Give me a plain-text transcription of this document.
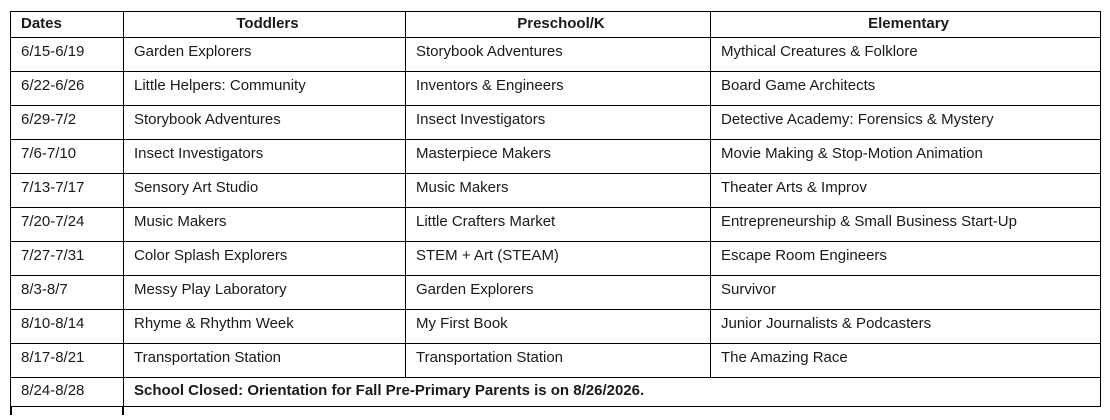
Dates	Toddlers	Preschool/K	Elementary
6/15-6/19	Garden Explorers	Storybook Adventures	Mythical Creatures & Folklore
6/22-6/26	Little Helpers: Community	Inventors & Engineers	Board Game Architects
6/29-7/2	Storybook Adventures	Insect Investigators	Detective Academy: Forensics & Mystery
7/6-7/10	Insect Investigators	Masterpiece Makers	Movie Making & Stop-Motion Animation
7/13-7/17	Sensory Art Studio	Music Makers	Theater Arts & Improv
7/20-7/24	Music Makers	Little Crafters Market	Entrepreneurship & Small Business Start-Up
7/27-7/31	Color Splash Explorers	STEM + Art (STEAM)	Escape Room Engineers
8/3-8/7	Messy Play Laboratory	Garden Explorers	Survivor
8/10-8/14	Rhyme & Rhythm Week	My First Book	Junior Journalists & Podcasters
8/17-8/21	Transportation Station	Transportation Station	The Amazing Race
8/24-8/28	School Closed: Orientation for Fall Pre-Primary Parents is on 8/26/2026.		
